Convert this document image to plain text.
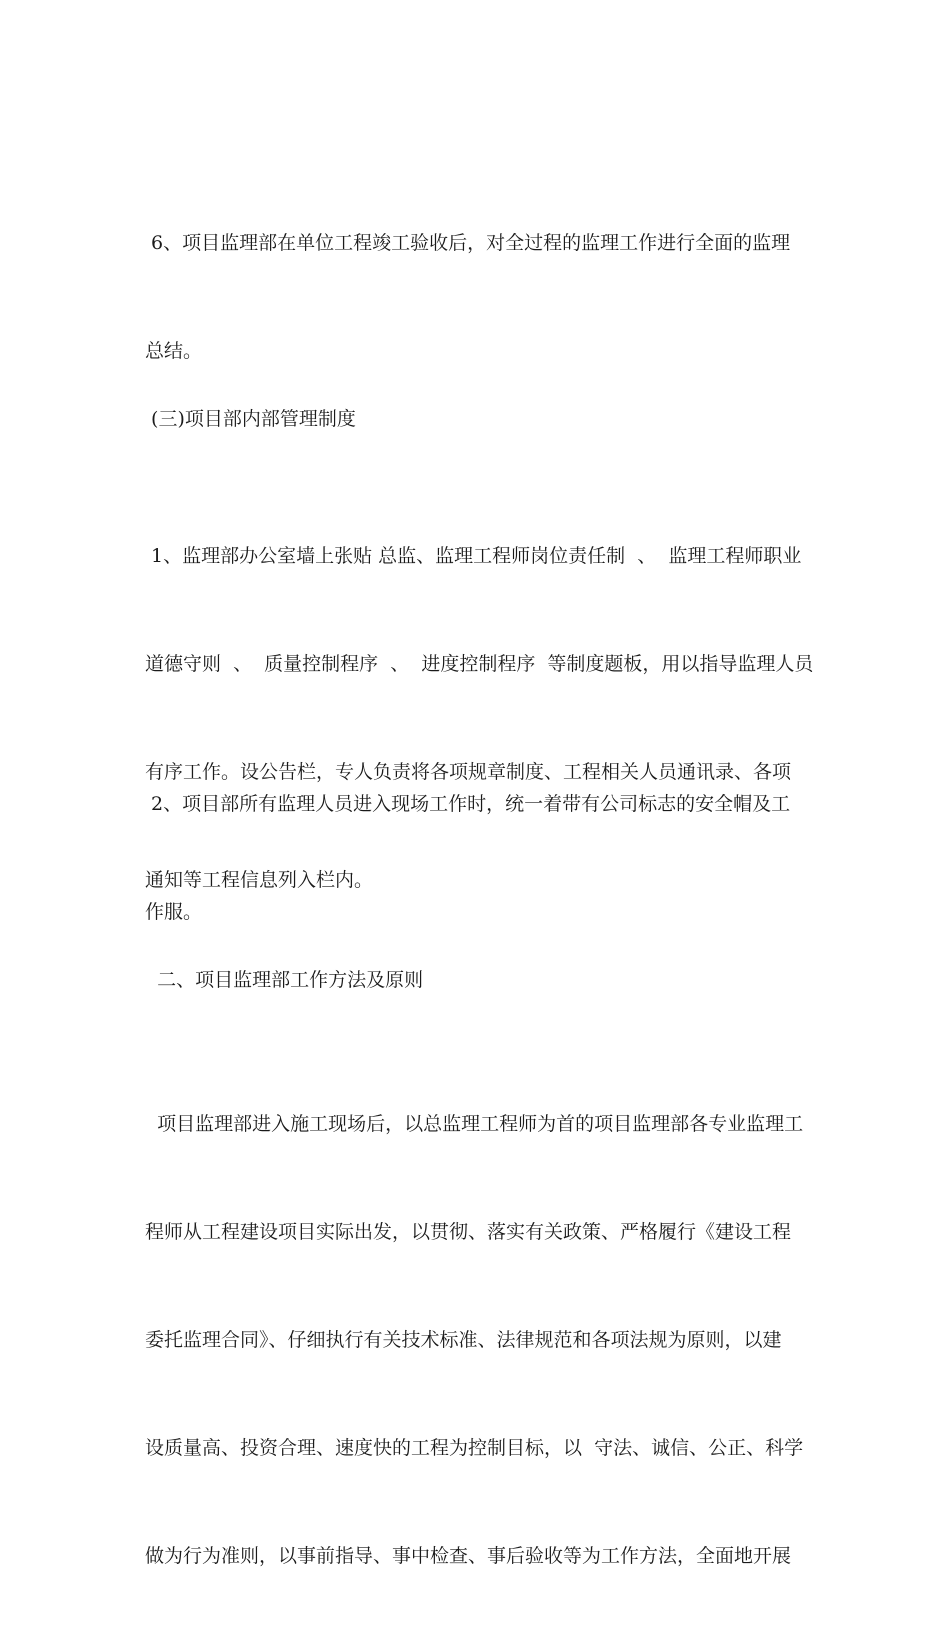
6、项目监理部在单位工程竣工验收后，对全过程的监理工作进行全面的监理

总结。

(三)项目部内部管理制度

1、监理部办公室墙上张贴 总监、监理工程师岗位责任制  、  监理工程师职业

道德守则  、  质量控制程序  、  进度控制程序  等制度题板，用以指导监理人员

有序工作。设公告栏，专人负责将各项规章制度、工程相关人员通讯录、各项

通知等工程信息列入栏内。

2、项目部所有监理人员进入现场工作时，统一着带有公司标志的安全帽及工

作服。

二、项目监理部工作方法及原则

项目监理部进入施工现场后，以总监理工程师为首的项目监理部各专业监理工

程师从工程建设项目实际出发，以贯彻、落实有关政策、严格履行《建设工程

委托监理合同》、仔细执行有关技术标准、法律规范和各项法规为原则，以建

设质量高、投资合理、速度快的工程为控制目标，以  守法、诚信、公正、科学

做为行为准则，以事前指导、事中检查、事后验收等为工作方法，全面地开展
